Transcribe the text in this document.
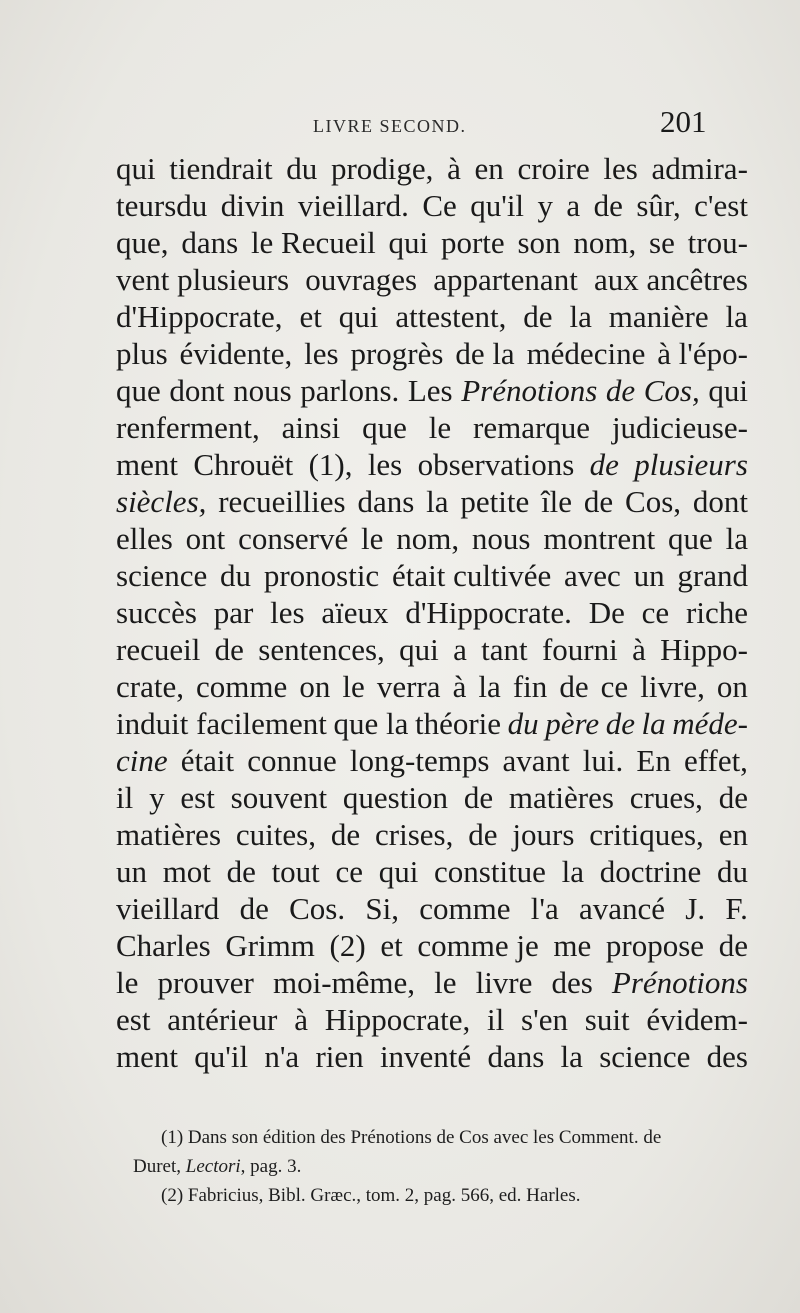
LIVRE SECOND.	201
qui tiendrait du prodige, à en croire les admira-
teursdu divin vieillard. Ce qu'il y a de sûr, c'est
que, dans le Recueil qui porte son nom, se trou-
vent plusieurs ouvrages appartenant aux ancêtres
d'Hippocrate, et qui attestent, de la manière la
plus évidente, les progrès de la médecine à l'épo-
que dont nous parlons. Les Prénotions de Cos, qui
renferment, ainsi que le remarque judicieuse-
ment Chrouët (1), les observations de plusieurs
siècles, recueillies dans la petite île de Cos, dont
elles ont conservé le nom, nous montrent que la
science du pronostic était cultivée avec un grand
succès par les aïeux d'Hippocrate. De ce riche
recueil de sentences, qui a tant fourni à Hippo-
crate, comme on le verra à la fin de ce livre, on
induit facilement que la théorie du père de la méde-
cine était connue long-temps avant lui. En effet,
il y est souvent question de matières crues, de
matières cuites, de crises, de jours critiques, en
un mot de tout ce qui constitue la doctrine du
vieillard de Cos. Si, comme l'a avancé J. F.
Charles Grimm (2) et comme je me propose de
le prouver moi-même, le livre des Prénotions
est antérieur à Hippocrate, il s'en suit évidem-
ment qu'il n'a rien inventé dans la science des
(1) Dans son édition des Prénotions de Cos avec les Comment. de
Duret, Lectori, pag. 3.
(2) Fabricius, Bibl. Græc., tom. 2, pag. 566, ed. Harles.
